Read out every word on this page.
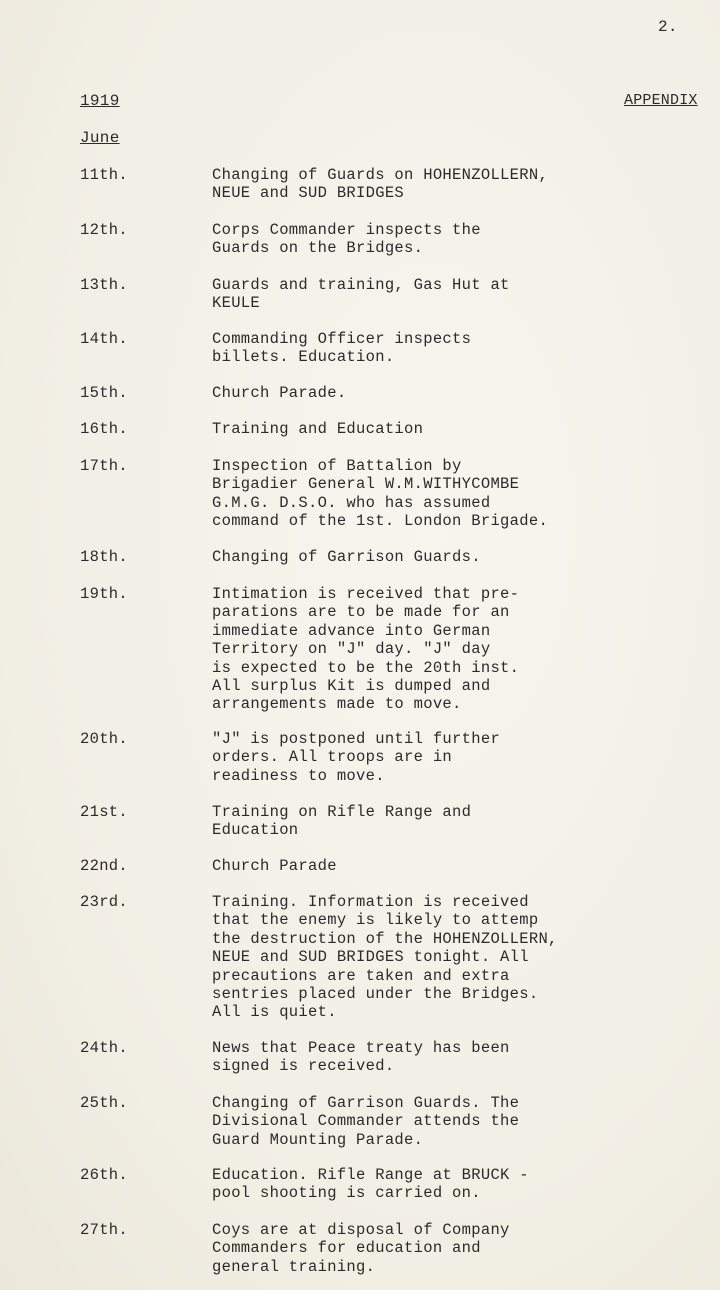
2.
1919	APPENDIX
June
11th.	Changing of Guards on HOHENZOLLERN,
NEUE and SUD BRIDGES
12th.	Corps Commander inspects the
Guards on the Bridges.
13th.	Guards and training, Gas Hut at
KEULE
14th.	Commanding Officer inspects
billets. Education.
15th.	Church Parade.
16th.	Training and Education
17th.	Inspection of Battalion by
Brigadier General W.M.WITHYCOMBE
G.M.G. D.S.O. who has assumed
command of the 1st. London Brigade.
18th.	Changing of Garrison Guards.
19th.	Intimation is received that pre-
parations are to be made for an
immediate advance into German
Territory on "J" day. "J" day
is expected to be the 20th inst.
All surplus Kit is dumped and
arrangements made to move.
20th.	"J" is postponed until further
orders. All troops are in
readiness to move.
21st.	Training on Rifle Range and
Education
22nd.	Church Parade
23rd.	Training. Information is received
that the enemy is likely to attemp
the destruction of the HOHENZOLLERN,
NEUE and SUD BRIDGES tonight. All
precautions are taken and extra
sentries placed under the Bridges.
All is quiet.
24th.	News that Peace treaty has been
signed is received.
25th.	Changing of Garrison Guards. The
Divisional Commander attends the
Guard Mounting Parade.
26th.	Education. Rifle Range at BRUCK -
pool shooting is carried on.
27th.	Coys are at disposal of Company
Commanders for education and
general training.
